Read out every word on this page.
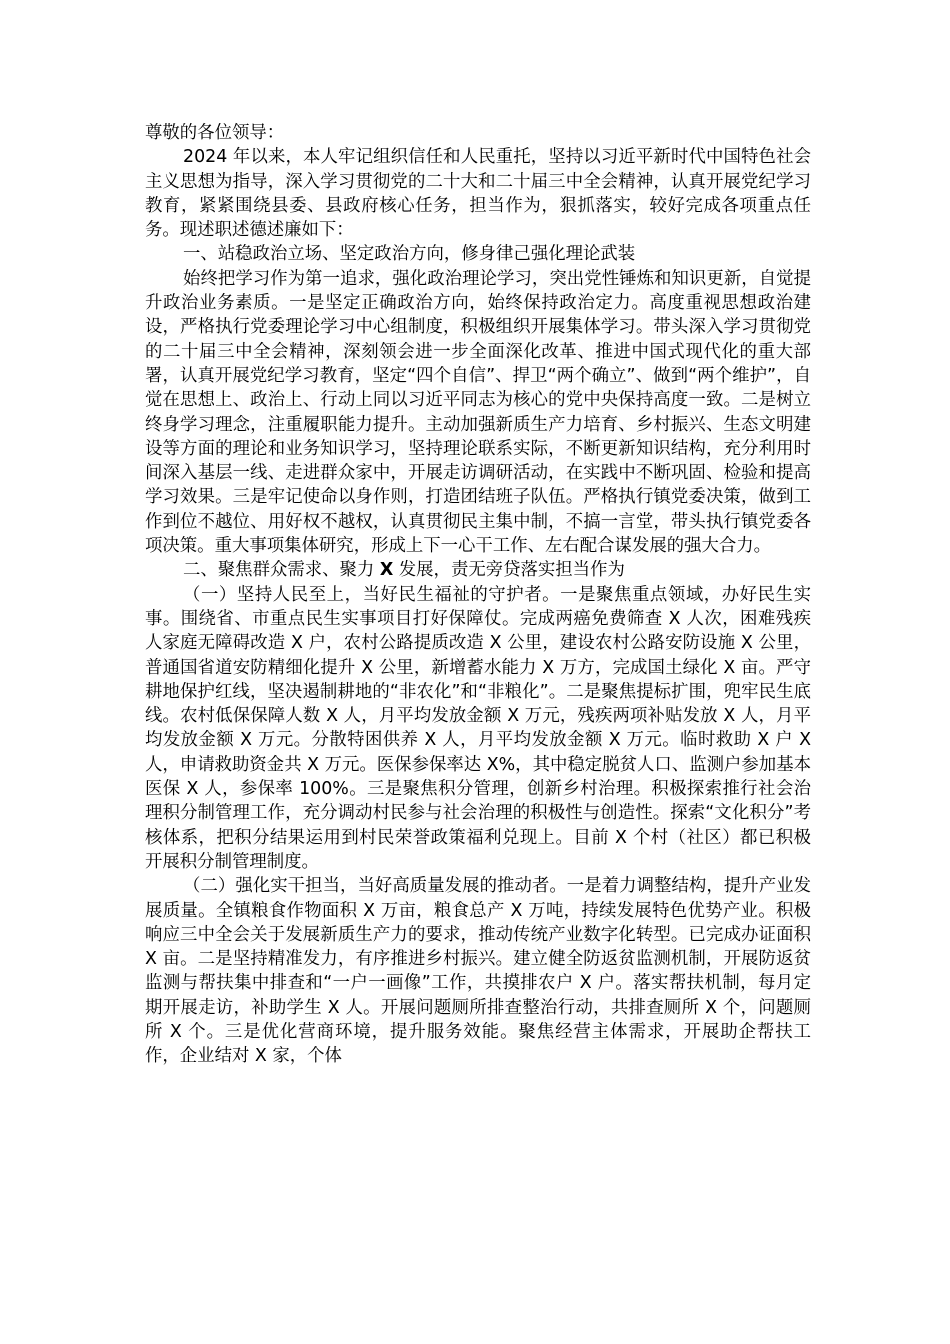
尊敬的各位领导：

2024 年以来，本人牢记组织信任和人民重托，坚持以习近平新时代中国特色社会主义思想为指导，深入学习贯彻党的二十大和二十届三中全会精神，认真开展党纪学习教育，紧紧围绕县委、县政府核心任务，担当作为，狠抓落实，较好完成各项重点任务。现述职述德述廉如下：

一、站稳政治立场、坚定政治方向，修身律己强化理论武装

始终把学习作为第一追求，强化政治理论学习，突出党性锤炼和知识更新，自觉提升政治业务素质。一是坚定正确政治方向，始终保持政治定力。高度重视思想政治建设，严格执行党委理论学习中心组制度，积极组织开展集体学习。带头深入学习贯彻党的二十届三中全会精神，深刻领会进一步全面深化改革、推进中国式现代化的重大部署，认真开展党纪学习教育，坚定“四个自信”、捍卫“两个确立”、做到“两个维护”，自觉在思想上、政治上、行动上同以习近平同志为核心的党中央保持高度一致。二是树立终身学习理念，注重履职能力提升。主动加强新质生产力培育、乡村振兴、生态文明建设等方面的理论和业务知识学习，坚持理论联系实际，不断更新知识结构，充分利用时间深入基层一线、走进群众家中，开展走访调研活动，在实践中不断巩固、检验和提高学习效果。三是牢记使命以身作则，打造团结班子队伍。严格执行镇党委决策，做到工作到位不越位、用好权不越权，认真贯彻民主集中制，不搞一言堂，带头执行镇党委各项决策。重大事项集体研究，形成上下一心干工作、左右配合谋发展的强大合力。

二、聚焦群众需求、聚力 X 发展，责无旁贷落实担当作为

（一）坚持人民至上，当好民生福祉的守护者。一是聚焦重点领域，办好民生实事。围绕省、市重点民生实事项目打好保障仗。完成两癌免费筛查 X 人次，困难残疾人家庭无障碍改造 X 户，农村公路提质改造 X 公里，建设农村公路安防设施 X 公里，普通国省道安防精细化提升 X 公里，新增蓄水能力 X 万方，完成国土绿化 X 亩。严守耕地保护红线，坚决遏制耕地的“非农化”和“非粮化”。二是聚焦提标扩围，兜牢民生底线。农村低保保障人数 X 人，月平均发放金额 X 万元，残疾两项补贴发放 X 人，月平均发放金额 X 万元。分散特困供养 X 人，月平均发放金额 X 万元。临时救助 X 户 X 人，申请救助资金共 X 万元。医保参保率达 X%，其中稳定脱贫人口、监测户参加基本医保 X 人，参保率 100%。三是聚焦积分管理，创新乡村治理。积极探索推行社会治理积分制管理工作，充分调动村民参与社会治理的积极性与创造性。探索“文化积分”考核体系，把积分结果运用到村民荣誉政策福利兑现上。目前 X 个村（社区）都已积极开展积分制管理制度。

（二）强化实干担当，当好高质量发展的推动者。一是着力调整结构，提升产业发展质量。全镇粮食作物面积 X 万亩，粮食总产 X 万吨，持续发展特色优势产业。积极响应三中全会关于发展新质生产力的要求，推动传统产业数字化转型。已完成办证面积 X 亩。二是坚持精准发力，有序推进乡村振兴。建立健全防返贫监测机制，开展防返贫监测与帮扶集中排查和“一户一画像”工作，共摸排农户 X 户。落实帮扶机制，每月定期开展走访，补助学生 X 人。开展问题厕所排查整治行动，共排查厕所 X 个，问题厕所 X 个。三是优化营商环境，提升服务效能。聚焦经营主体需求，开展助企帮扶工作，企业结对 X 家，个体
